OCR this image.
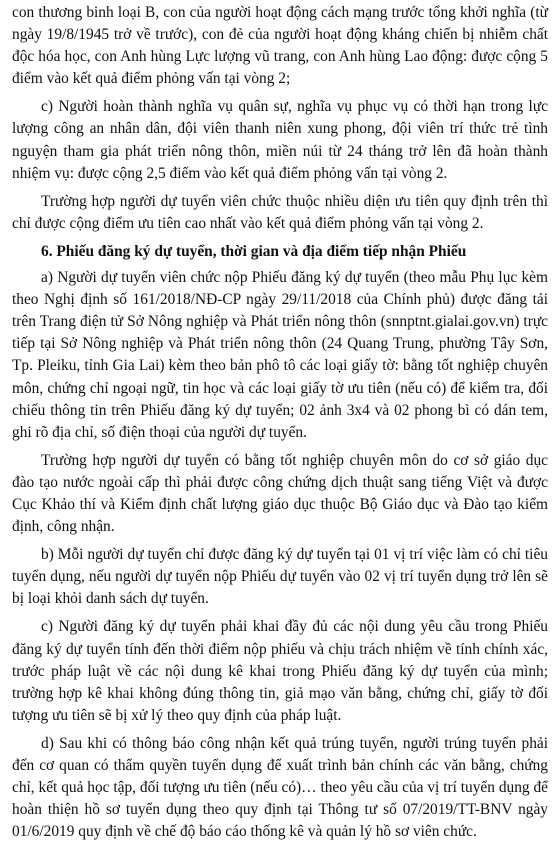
con thương binh loại B, con của người hoạt động cách mạng trước tổng khởi nghĩa (từ ngày 19/8/1945 trở về trước), con đẻ của người hoạt động kháng chiến bị nhiễm chất độc hóa học, con Anh hùng Lực lượng vũ trang, con Anh hùng Lao động: được cộng 5 điểm vào kết quả điểm phỏng vấn tại vòng 2;

c) Người hoàn thành nghĩa vụ quân sự, nghĩa vụ phục vụ có thời hạn trong lực lượng công an nhân dân, đội viên thanh niên xung phong, đội viên trí thức trẻ tình nguyện tham gia phát triển nông thôn, miền núi từ 24 tháng trở lên đã hoàn thành nhiệm vụ: được cộng 2,5 điểm vào kết quả điểm phỏng vấn tại vòng 2.

Trường hợp người dự tuyển viên chức thuộc nhiều diện ưu tiên quy định trên thì chỉ được cộng điểm ưu tiên cao nhất vào kết quả điểm phỏng vấn tại vòng 2.

6. Phiếu đăng ký dự tuyển, thời gian và địa điểm tiếp nhận Phiếu

a) Người dự tuyển viên chức nộp Phiếu đăng ký dự tuyển (theo mẫu Phụ lục kèm theo Nghị định số 161/2018/NĐ-CP ngày 29/11/2018 của Chính phủ) được đăng tải trên Trang điện tử Sở Nông nghiệp và Phát triển nông thôn (snnptnt.gialai.gov.vn) trực tiếp tại Sở Nông nghiệp và Phát triển nông thôn (24 Quang Trung, phường Tây Sơn, Tp. Pleiku, tỉnh Gia Lai) kèm theo bản phô tô các loại giấy tờ: bằng tốt nghiệp chuyên môn, chứng chỉ ngoại ngữ, tin học và các loại giấy tờ ưu tiên (nếu có) để kiểm tra, đối chiếu thông tin trên Phiếu đăng ký dự tuyển; 02 ảnh 3x4 và 02 phong bì có dán tem, ghi rõ địa chỉ, số điện thoại của người dự tuyển.

Trường hợp người dự tuyển có bằng tốt nghiệp chuyên môn do cơ sở giáo dục đào tạo nước ngoài cấp thì phải được công chứng dịch thuật sang tiếng Việt và được Cục Khảo thí và Kiểm định chất lượng giáo dục thuộc Bộ Giáo dục và Đào tạo kiểm định, công nhận.

b) Mỗi người dự tuyển chỉ được đăng ký dự tuyển tại 01 vị trí việc làm có chỉ tiêu tuyển dụng, nếu người dự tuyển nộp Phiếu dự tuyển vào 02 vị trí tuyển dụng trở lên sẽ bị loại khỏi danh sách dự tuyển.

c) Người đăng ký dự tuyển phải khai đầy đủ các nội dung yêu cầu trong Phiếu đăng ký dự tuyển tính đến thời điểm nộp phiếu và chịu trách nhiệm về tính chính xác, trước pháp luật về các nội dung kê khai trong Phiếu đăng ký dự tuyển của mình; trường hợp kê khai không đúng thông tin, giả mạo văn bằng, chứng chỉ, giấy tờ đối tượng ưu tiên sẽ bị xử lý theo quy định của pháp luật.

d) Sau khi có thông báo công nhận kết quả trúng tuyển, người trúng tuyển phải đến cơ quan có thẩm quyền tuyển dụng để xuất trình bản chính các văn bằng, chứng chỉ, kết quả học tập, đối tượng ưu tiên (nếu có)… theo yêu cầu của vị trí tuyển dụng để hoàn thiện hồ sơ tuyển dụng theo quy định tại Thông tư số 07/2019/TT-BNV ngày 01/6/2019 quy định về chế độ báo cáo thống kê và quản lý hồ sơ viên chức.
